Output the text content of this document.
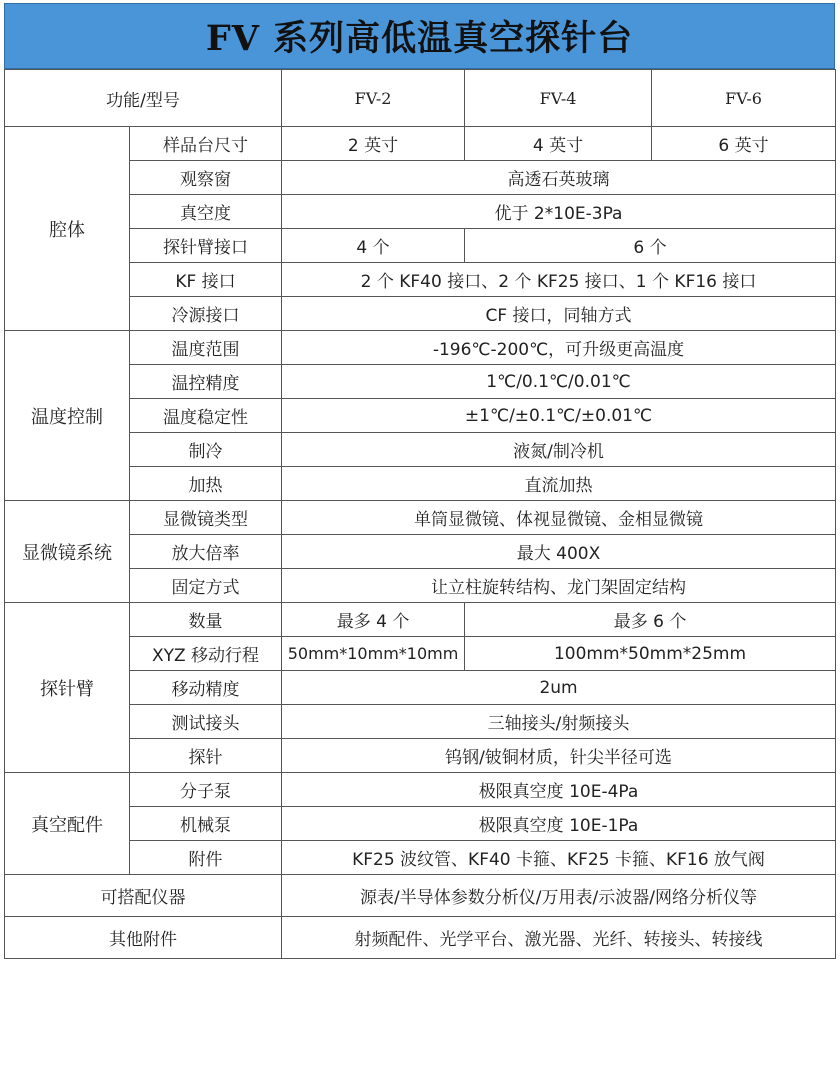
FV 系列高低温真空探针台
功能/型号		FV-2	FV-4	FV-6
腔体	样品台尺寸	2 英寸	4 英寸	6 英寸
	观察窗	高透石英玻璃		
	真空度	优于 2*10E-3Pa		
	探针臂接口	4 个	6 个	
	KF 接口	2 个 KF40 接口、2 个 KF25 接口、1 个 KF16 接口		
	冷源接口	CF 接口，同轴方式		
温度控制	温度范围	-196℃-200℃，可升级更高温度		
	温控精度	1℃/0.1℃/0.01℃		
	温度稳定性	±1℃/±0.1℃/±0.01℃		
	制冷	液氮/制冷机		
	加热	直流加热		
显微镜系统	显微镜类型	单筒显微镜、体视显微镜、金相显微镜		
	放大倍率	最大 400X		
	固定方式	让立柱旋转结构、龙门架固定结构		
探针臂	数量	最多 4 个	最多 6 个	
	XYZ 移动行程	50mm*10mm*10mm	100mm*50mm*25mm	
	移动精度	2um		
	测试接头	三轴接头/射频接头		
	探针	钨钢/铍铜材质，针尖半径可选		
真空配件	分子泵	极限真空度 10E-4Pa		
	机械泵	极限真空度 10E-1Pa		
	附件	KF25 波纹管、KF40 卡箍、KF25 卡箍、KF16 放气阀		
可搭配仪器		源表/半导体参数分析仪/万用表/示波器/网络分析仪等		
其他附件		射频配件、光学平台、激光器、光纤、转接头、转接线		
